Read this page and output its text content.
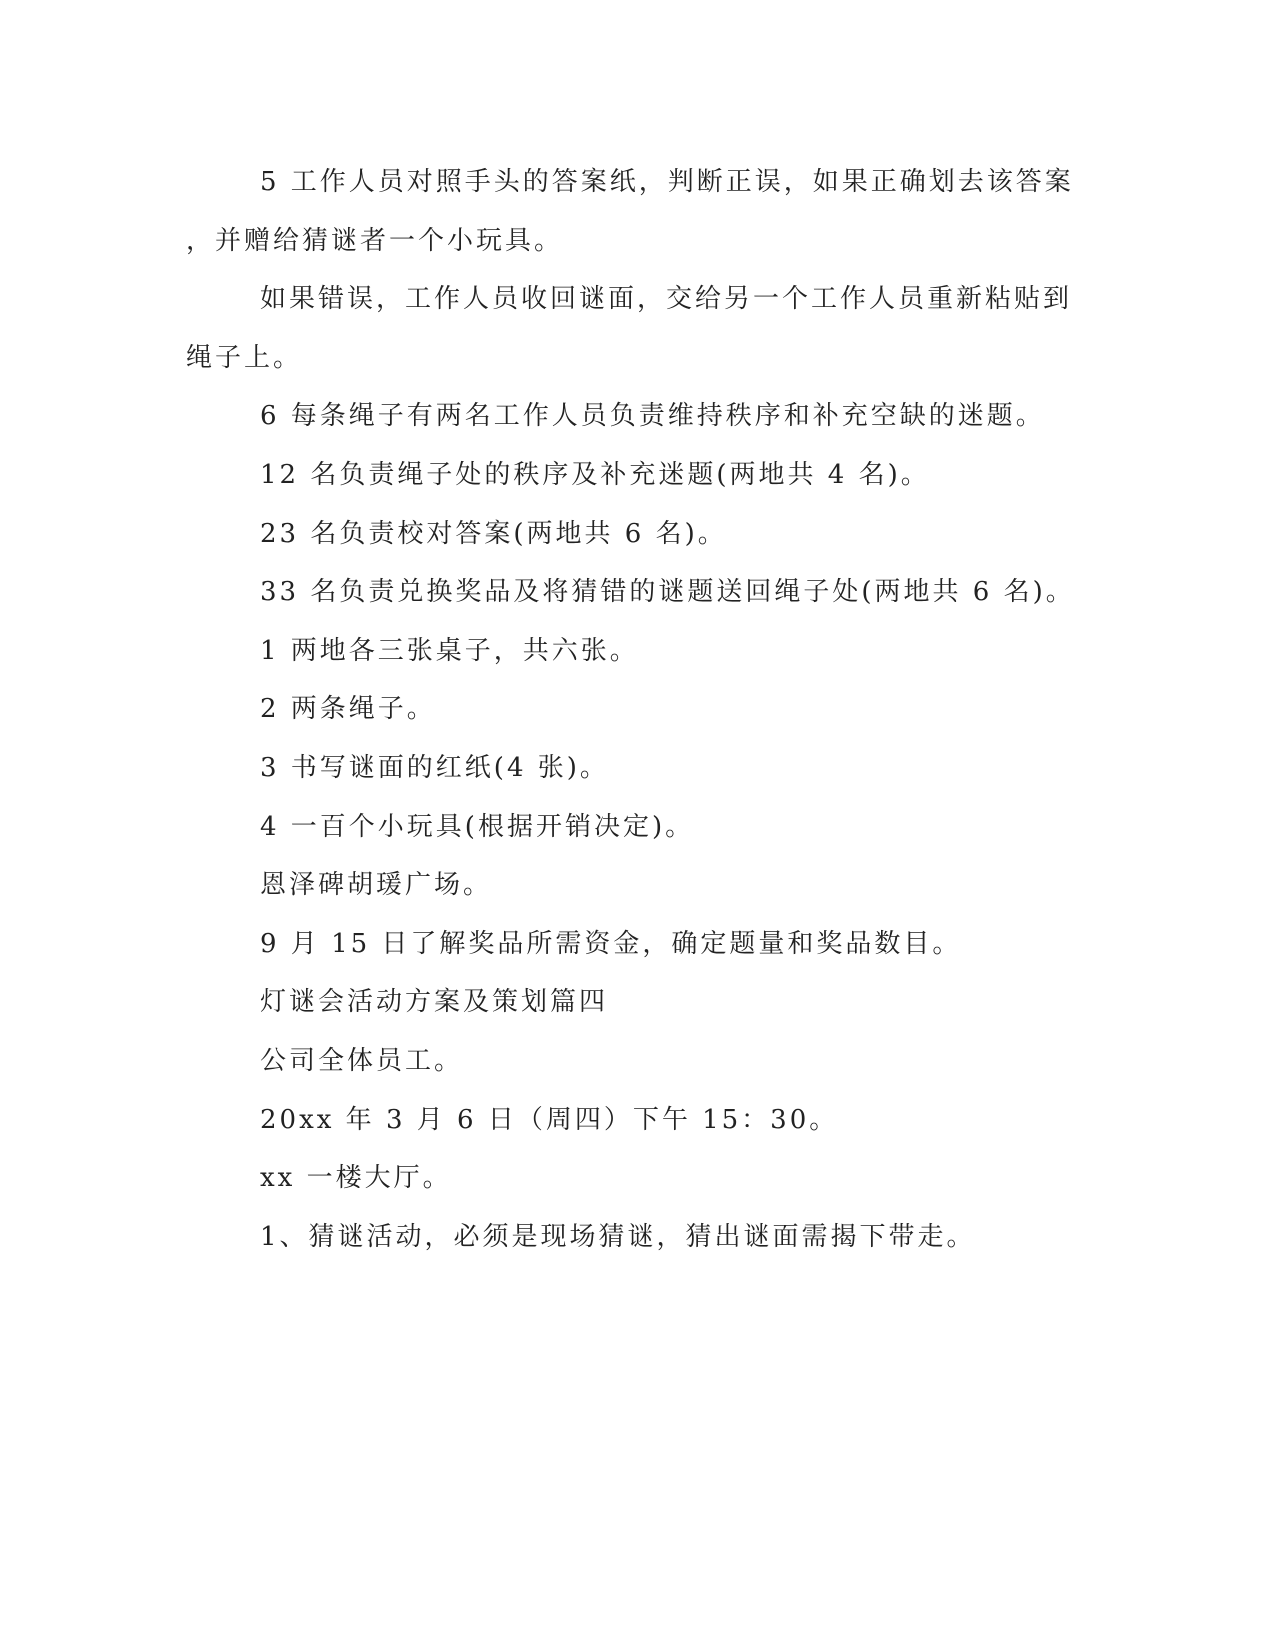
5 工作人员对照手头的答案纸，判断正误，如果正确划去该答案
，并赠给猜谜者一个小玩具。
如果错误，工作人员收回谜面，交给另一个工作人员重新粘贴到
绳子上。
6 每条绳子有两名工作人员负责维持秩序和补充空缺的迷题。
12 名负责绳子处的秩序及补充迷题(两地共 4 名)。
23 名负责校对答案(两地共 6 名)。
33 名负责兑换奖品及将猜错的谜题送回绳子处(两地共 6 名)。
1 两地各三张桌子，共六张。
2 两条绳子。
3 书写谜面的红纸(4 张)。
4 一百个小玩具(根据开销决定)。
恩泽碑胡瑗广场。
9 月 15 日了解奖品所需资金，确定题量和奖品数目。
灯谜会活动方案及策划篇四
公司全体员工。
20xx 年 3 月 6 日（周四）下午 15：30。
xx 一楼大厅。
1、猜谜活动，必须是现场猜谜，猜出谜面需揭下带走。
